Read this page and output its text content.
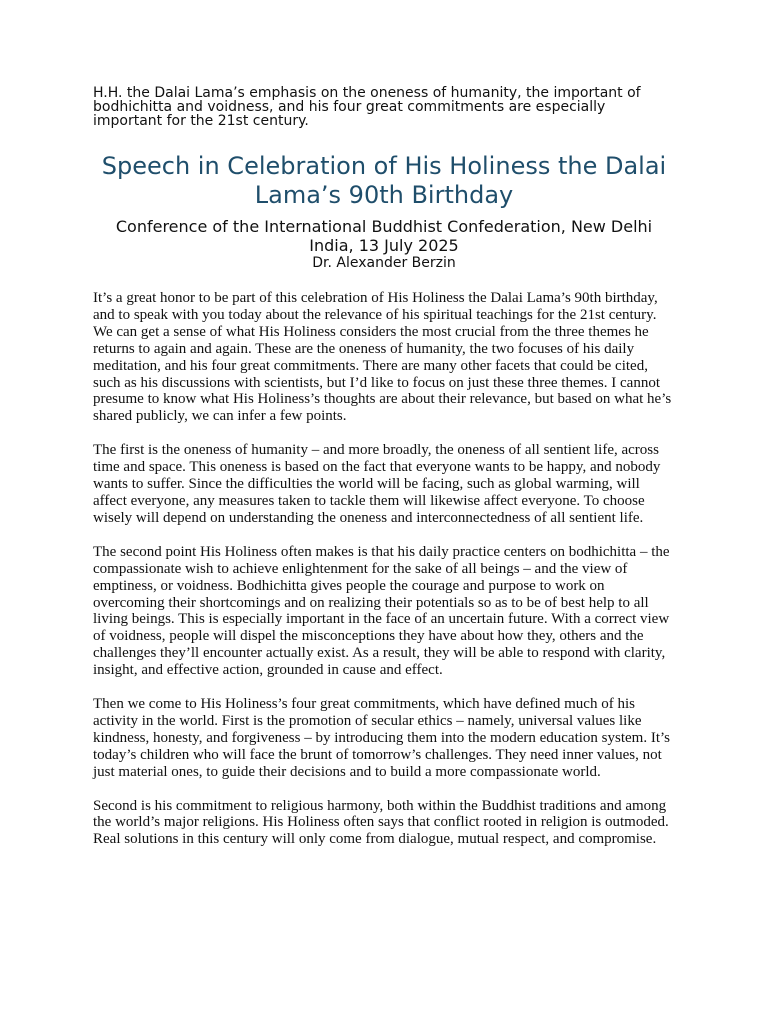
H.H. the Dalai Lama’s emphasis on the oneness of humanity, the important of bodhichitta and voidness, and his four great commitments are especially important for the 21st century.

Speech in Celebration of His Holiness the Dalai Lama’s 90th Birthday
Conference of the International Buddhist Confederation, New Delhi India, 13 July 2025
Dr. Alexander Berzin

It’s a great honor to be part of this celebration of His Holiness the Dalai Lama’s 90th birthday, and to speak with you today about the relevance of his spiritual teachings for the 21st century. We can get a sense of what His Holiness considers the most crucial from the three themes he returns to again and again. These are the oneness of humanity, the two focuses of his daily meditation, and his four great commitments. There are many other facets that could be cited, such as his discussions with scientists, but I’d like to focus on just these three themes. I cannot presume to know what His Holiness’s thoughts are about their relevance, but based on what he’s shared publicly, we can infer a few points.

The first is the oneness of humanity – and more broadly, the oneness of all sentient life, across time and space. This oneness is based on the fact that everyone wants to be happy, and nobody wants to suffer. Since the difficulties the world will be facing, such as global warming, will affect everyone, any measures taken to tackle them will likewise affect everyone. To choose wisely will depend on understanding the oneness and interconnectedness of all sentient life.

The second point His Holiness often makes is that his daily practice centers on bodhichitta – the compassionate wish to achieve enlightenment for the sake of all beings – and the view of emptiness, or voidness. Bodhichitta gives people the courage and purpose to work on overcoming their shortcomings and on realizing their potentials so as to be of best help to all living beings. This is especially important in the face of an uncertain future. With a correct view of voidness, people will dispel the misconceptions they have about how they, others and the challenges they’ll encounter actually exist. As a result, they will be able to respond with clarity, insight, and effective action, grounded in cause and effect.

Then we come to His Holiness’s four great commitments, which have defined much of his activity in the world. First is the promotion of secular ethics – namely, universal values like kindness, honesty, and forgiveness – by introducing them into the modern education system. It’s today’s children who will face the brunt of tomorrow’s challenges. They need inner values, not just material ones, to guide their decisions and to build a more compassionate world.

Second is his commitment to religious harmony, both within the Buddhist traditions and among the world’s major religions. His Holiness often says that conflict rooted in religion is outmoded. Real solutions in this century will only come from dialogue, mutual respect, and compromise.
